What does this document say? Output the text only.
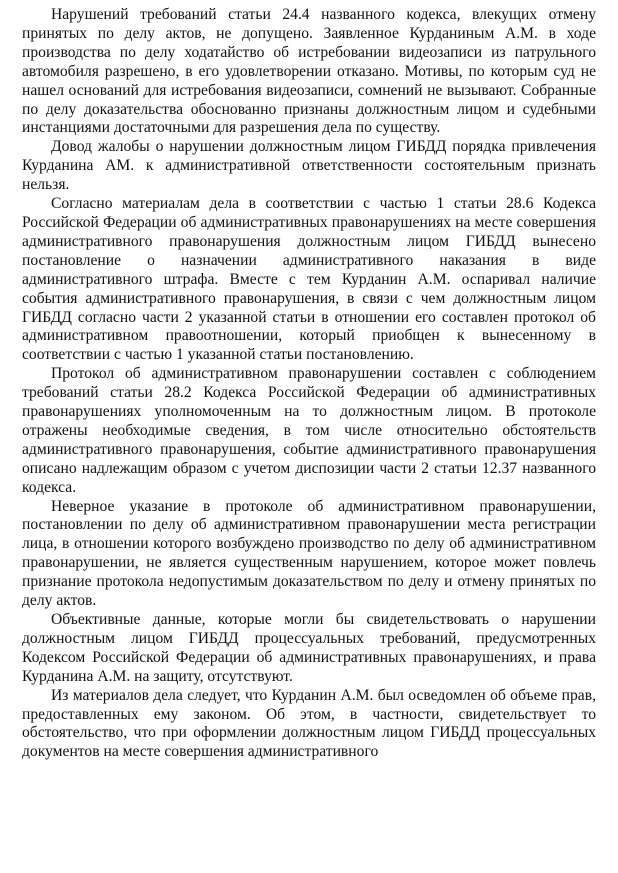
Нарушений требований статьи 24.4 названного кодекса, влекущих отмену принятых по делу актов, не допущено. Заявленное Курданиным А.М. в ходе производства по делу ходатайство об истребовании видеозаписи из патрульного автомобиля разрешено, в его удовлетворении отказано. Мотивы, по которым суд не нашел оснований для истребования видеозаписи, сомнений не вызывают. Собранные по делу доказательства обоснованно признаны должностным лицом и судебными инстанциями достаточными для разрешения дела по существу.

Довод жалобы о нарушении должностным лицом ГИБДД порядка привлечения Курданина АМ. к административной ответственности состоятельным признать нельзя.

Согласно материалам дела в соответствии с частью 1 статьи 28.6 Кодекса Российской Федерации об административных правонарушениях на месте совершения административного правонарушения должностным лицом ГИБДД вынесено постановление о назначении административного наказания в виде административного штрафа. Вместе с тем Курданин А.М. оспаривал наличие события административного правонарушения, в связи с чем должностным лицом ГИБДД согласно части 2 указанной статьи в отношении его составлен протокол об административном правоотношении, который приобщен к вынесенному в соответствии с частью 1 указанной статьи постановлению.

Протокол об административном правонарушении составлен с соблюдением требований статьи 28.2 Кодекса Российской Федерации об административных правонарушениях уполномоченным на то должностным лицом. В протоколе отражены необходимые сведения, в том числе относительно обстоятельств административного правонарушения, событие административного правонарушения описано надлежащим образом с учетом диспозиции части 2 статьи 12.37 названного кодекса.

Неверное указание в протоколе об административном правонарушении, постановлении по делу об административном правонарушении места регистрации лица, в отношении которого возбуждено производство по делу об административном правонарушении, не является существенным нарушением, которое может повлечь признание протокола недопустимым доказательством по делу и отмену принятых по делу актов.

Объективные данные, которые могли бы свидетельствовать о нарушении должностным лицом ГИБДД процессуальных требований, предусмотренных Кодексом Российской Федерации об административных правонарушениях, и права Курданина А.М. на защиту, отсутствуют.

Из материалов дела следует, что Курданин А.М. был осведомлен об объеме прав, предоставленных ему законом. Об этом, в частности, свидетельствует то обстоятельство, что при оформлении должностным лицом ГИБДД процессуальных документов на месте совершения административного
